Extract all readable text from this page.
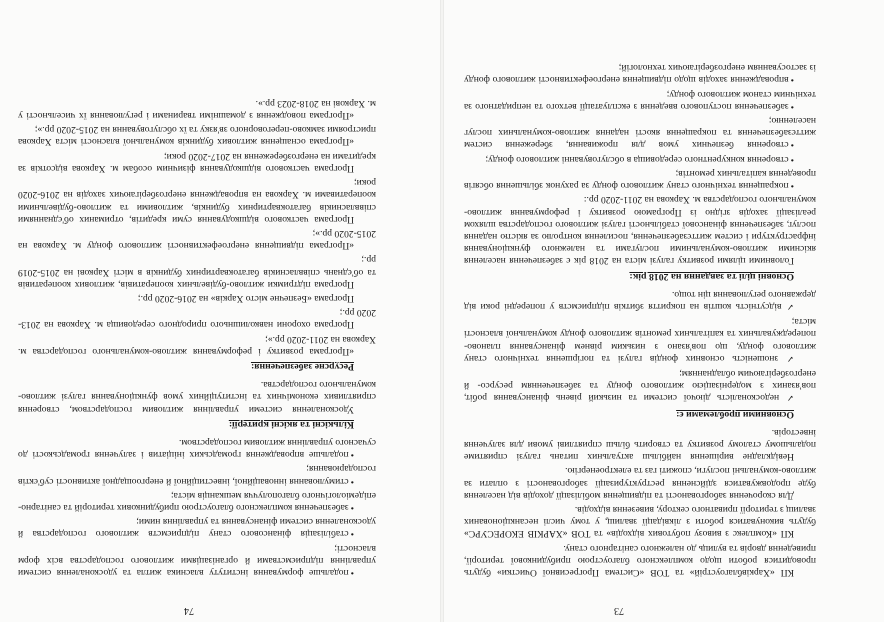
73

КП «Харківблагоустрій» та ТОВ «Система Прогресивної Очистки» будуть проводитися роботи щодо комплексного благоустрою прибудинкової території, приведення дворів та вулиць до належного санітарного стану.

КП «Комплекс з вивозу побутових відходів» та ТОВ «ХАРКІВ ЕКОРЕСУРС» будуть виконуватися роботи з ліквідації звалищ, у тому числі несанкціонованих звалищ з території приватного сектору, вивезення відходів.

Для скорочення заборгованості та підвищення мобілізації доходів від населення буде продовжуватися здійснення реструктуризації заборгованості з оплати за житлово-комунальні послуги, спожиті газ та електроенергію.

Невідкладне вирішення найбільш актуальних питань галузі сприятиме подальшому сталому розвитку та створить більш сприятливі умови для залучення інвесторів.

Основними проблемами є:

✓ недосконалість діючої системи та низький рівень фінансування робіт, пов'язаних з модернізацією житлового фонду та забезпеченням ресурсо- й енергозберігаючим обладнанням;

✓ зношеність основних фондів галузі та погіршення технічного стану житлового фонду, що пов'язано з низьким рівнем фінансування планово-попереджувальних та капітальних ремонтів житлового фонду комунальної власності міста;

✓ відсутність коштів на покриття збитків підприємств у попередні роки від державного регулювання цін тощо.

Основні цілі та завдання на 2018 рік:

Головними цілями розвитку галузі міста на 2018 рік є забезпечення населення якісними житлово-комунальними послугами та належного функціонування інфраструктури і систем життєзабезпечення, посилення контролю за якістю надання послуг, забезпечення фінансової стабільності галузі житлового господарства шляхом реалізації заходів згідно із Програмою розвитку і реформування житлово-комунального господарства м. Харкова на 2011-2020 рр.:

• покращення технічного стану житлового фонду за рахунок збільшення обсягів проведення капітальних ремонтів;

• створення конкурентного середовища в обслуговуванні житлового фонду;

• створення безпечних умов для проживання, збереження систем життєзабезпечення та покращення якості надання житлово-комунальних послуг населенню;

• забезпечення поступового введення з експлуатації ветхого та непридатного за технічним станом житлового фонду;

• впровадження заходів щодо підвищення енергоефективності житлового фонду із застосуванням енергозберігаючих технологій;

74

• подальше формування інституту власника житла та удосконалення системи управління підприємствами й організаціями житлового господарства всіх форм власності;

• стабілізація фінансового стану підприємств житлового господарства й удосконалення системи фінансування та управління ними;

• забезпечення комплексного благоустрою прибудинкових територій та санітарно-епідеміологічного благополуччя мешканців міста;

• стимулювання інноваційної, інвестиційної й енергоощадної активності суб'єктів господарювання;

• подальше впровадження громадських ініціатив і залучення громадськості до сучасного управління житловим господарством.

Кількісні та якісні критерії:

Удосконалення системи управління житловим господарством, створення сприятливих економічних та інституційних умов функціонування галузі житлово-комунального господарства.

Ресурсне забезпечення:

«Програма розвитку і реформування житлово-комунального господарства м. Харкова на 2011-2020 рр.»;

Програма охорони навколишнього природного середовища м. Харкова на 2013-2020 рр.;

Програма «Безпечне місто Харків» на 2016-2020 рр.;

Програма підтримки житлово-будівельних кооперативів, житлових кооперативів та об'єднань співвласників багатоквартирних будинків в місті Харкові на 2015-2019 рр.;

«Програма підвищення енергоефективності житлового фонду м. Харкова на 2015-2020 рр.»;

Програма часткового відшкодування суми кредитів, отриманих об'єднаннями співвласників багатоквартирних будинків, житловими та житлово-будівельними кооперативами м. Харкова на впровадження енергозберігаючих заходів на 2016-2020 роки;

Програма часткового відшкодування фізичним особам м. Харкова відсотків за кредитами на енергозбереження на 2017-2020 роки;

«Програма оснащення житлових будинків комунальної власності міста Харкова пристроями замково-переговорного зв'язку та їх обслуговування на 2015-2020 рр.»;

«Програма поводження з домашніми тваринами і регулювання їх чисельності у м. Харкові на 2018-2023 рр.».
